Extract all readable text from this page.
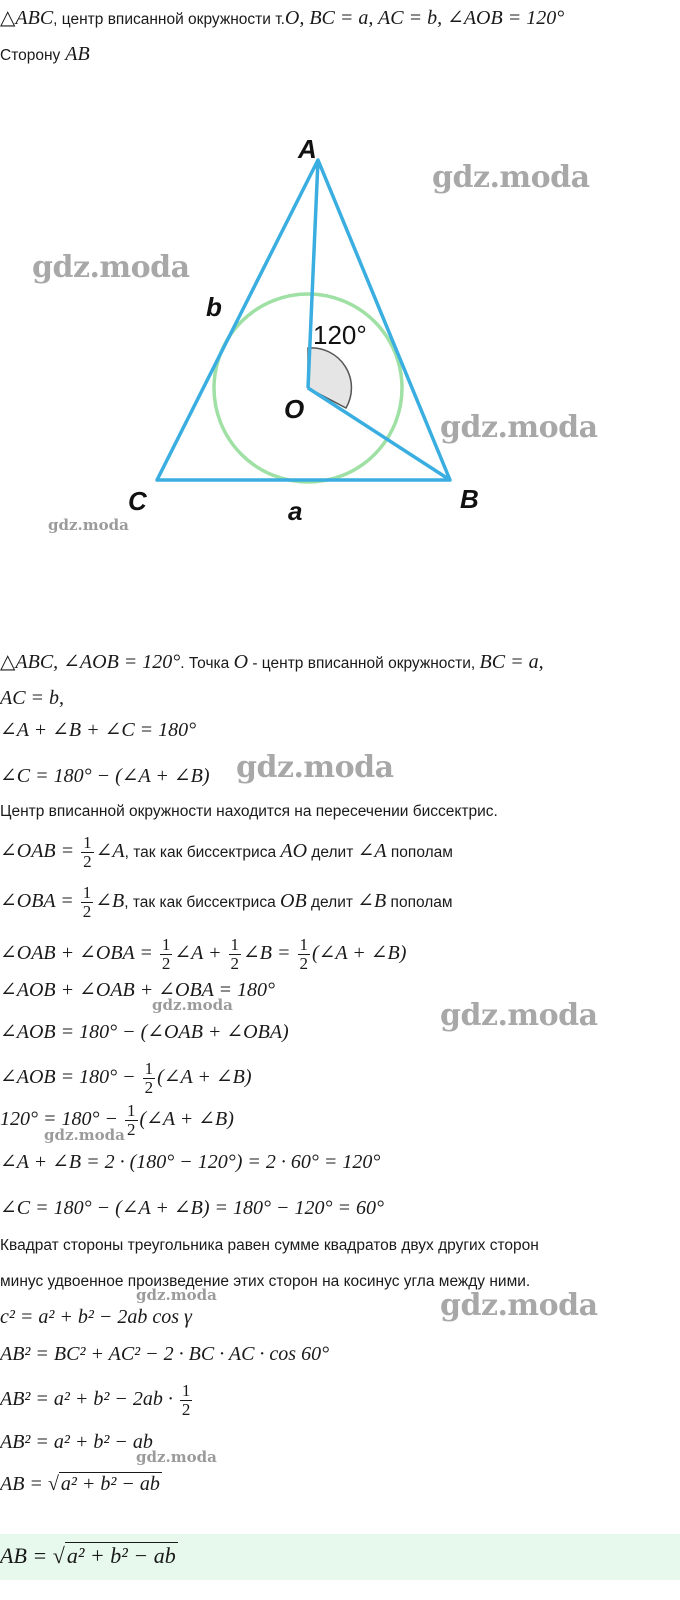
△ABC, центр вписанной окружности т.O, BC = a, AC = b, ∠AOB = 120°
Сторону AB
A
B
C
O
a
b
120°
△ABC, ∠AOB = 120°. Точка O - центр вписанной окружности, BC = a,
AC = b,
∠A + ∠B + ∠C = 180°
∠C = 180° − (∠A + ∠B)
Центр вписанной окружности находится на пересечении биссектрис.
∠OAB = $\frac{1}{2}$ ∠A, так как биссектриса AO делит ∠A пополам
∠OBA = $\frac{1}{2}$ ∠B, так как биссектриса OB делит ∠B пополам
∠OAB + ∠OBA = $\frac{1}{2}$ ∠A + $\frac{1}{2}$ ∠B = $\frac{1}{2}$ (∠A + ∠B)
∠AOB + ∠OAB + ∠OBA = 180°
∠AOB = 180° − (∠OAB + ∠OBA)
∠AOB = $180^\circ - \frac{1}{2}$ (∠A + ∠B)
$120^\circ = 180^\circ - \frac{1}{2}$ (∠A + ∠B)
∠A + ∠B = 2 · (180° − 120°) = 2 · 60° = 120°
∠C = 180° − (∠A + ∠B) = 180° − 120° = 60°
Квадрат стороны треугольника равен сумме квадратов двух других сторон
минус удвоенное произведение этих сторон на косинус угла между ними.
c² = a² + b² − 2ab cos γ
AB² = BC² + AC² − 2 · BC · AC · cos 60°
$AB^2 = a^2 + b^2 - 2ab \cdot \frac{1}{2}$
AB² = a² + b² − ab
AB = √ a² + b² − ab
AB = √a² + b² − ab
gdz.moda
gdz.moda
gdz.moda
gdz.moda
gdz.moda
gdz.moda	gdz.moda
gdz.moda
gdz.moda	gdz.moda
gdz.moda
